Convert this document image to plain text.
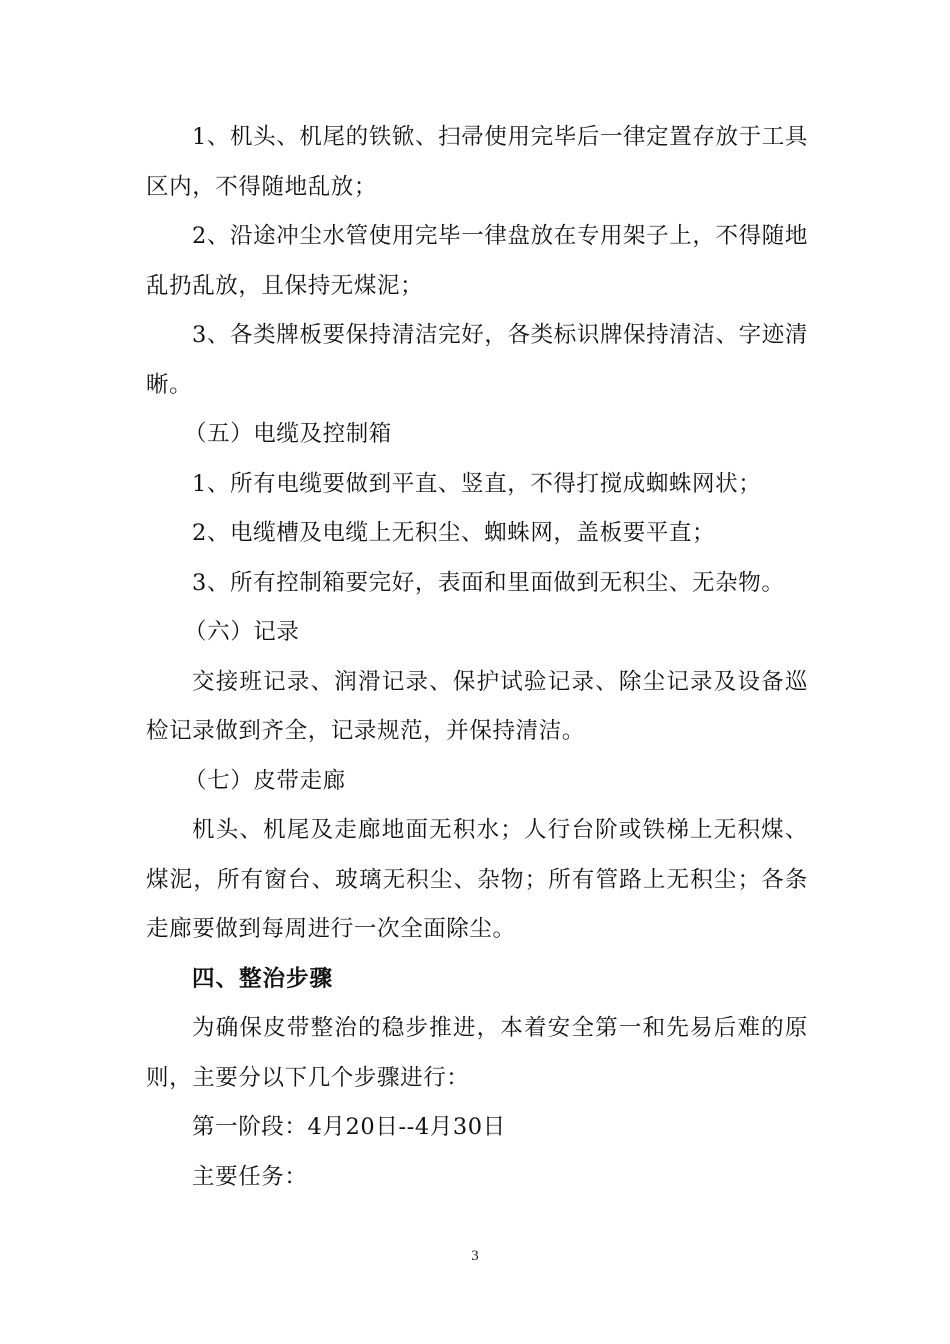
1、机头、机尾的铁锨、扫帚使用完毕后一律定置存放于工具区内，不得随地乱放；

2、沿途冲尘水管使用完毕一律盘放在专用架子上，不得随地乱扔乱放，且保持无煤泥；

3、各类牌板要保持清洁完好，各类标识牌保持清洁、字迹清晰。

（五）电缆及控制箱

1、所有电缆要做到平直、竖直，不得打搅成蜘蛛网状；

2、电缆槽及电缆上无积尘、蜘蛛网，盖板要平直；

3、所有控制箱要完好，表面和里面做到无积尘、无杂物。

（六）记录

交接班记录、润滑记录、保护试验记录、除尘记录及设备巡检记录做到齐全，记录规范，并保持清洁。

（七）皮带走廊

机头、机尾及走廊地面无积水；人行台阶或铁梯上无积煤、煤泥，所有窗台、玻璃无积尘、杂物；所有管路上无积尘；各条走廊要做到每周进行一次全面除尘。

四、整治步骤

为确保皮带整治的稳步推进，本着安全第一和先易后难的原则，主要分以下几个步骤进行：

第一阶段：4月20日--4月30日

主要任务：

3
